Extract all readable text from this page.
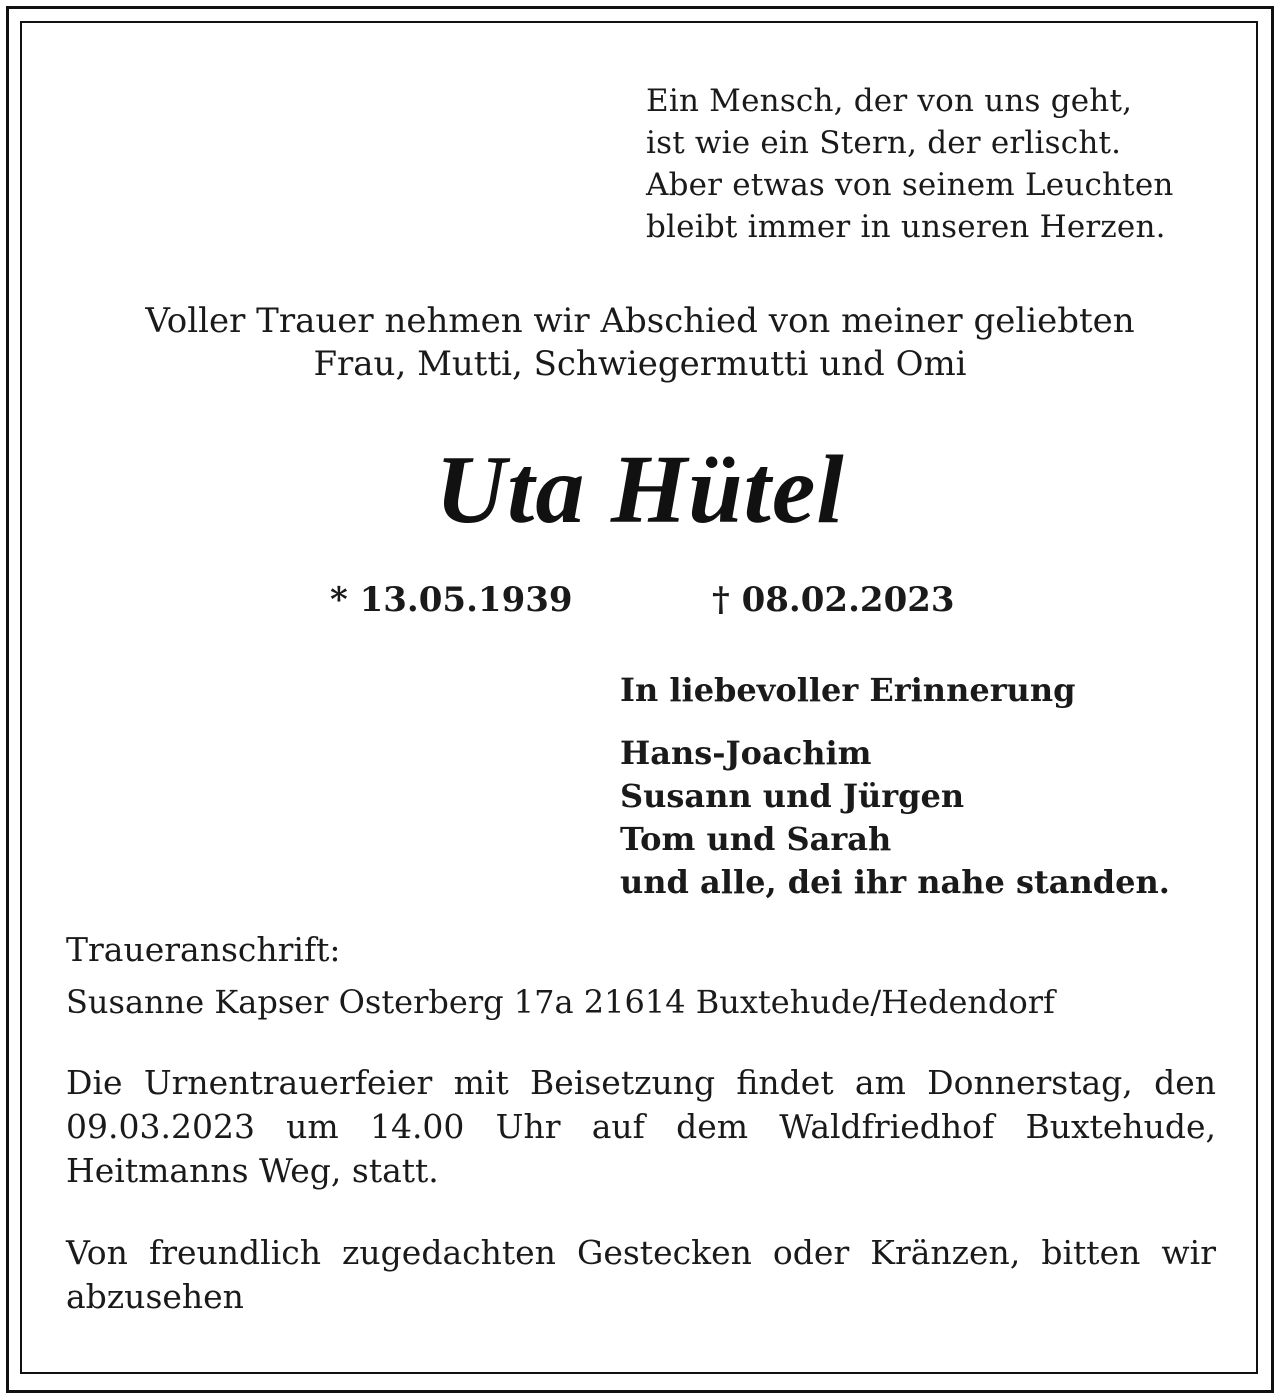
Ein Mensch, der von uns geht,
ist wie ein Stern, der erlischt.
Aber etwas von seinem Leuchten
bleibt immer in unseren Herzen.
Voller Trauer nehmen wir Abschied von meiner geliebten
Frau, Mutti, Schwiegermutti und Omi
Uta Hütel
* 13.05.1939	† 08.02.2023
In liebevoller Erinnerung
Hans-Joachim
Susann und Jürgen
Tom und Sarah
und alle, dei ihr nahe standen.
Traueranschrift:
Susanne Kapser Osterberg 17a 21614 Buxtehude/Hedendorf

Die Urnentrauerfeier mit Beisetzung findet am Donnerstag, den 09.03.2023 um 14.00 Uhr auf dem Waldfriedhof Buxtehude, Heitmanns Weg, statt.

Von freundlich zugedachten Gestecken oder Kränzen, bitten wir abzusehen
